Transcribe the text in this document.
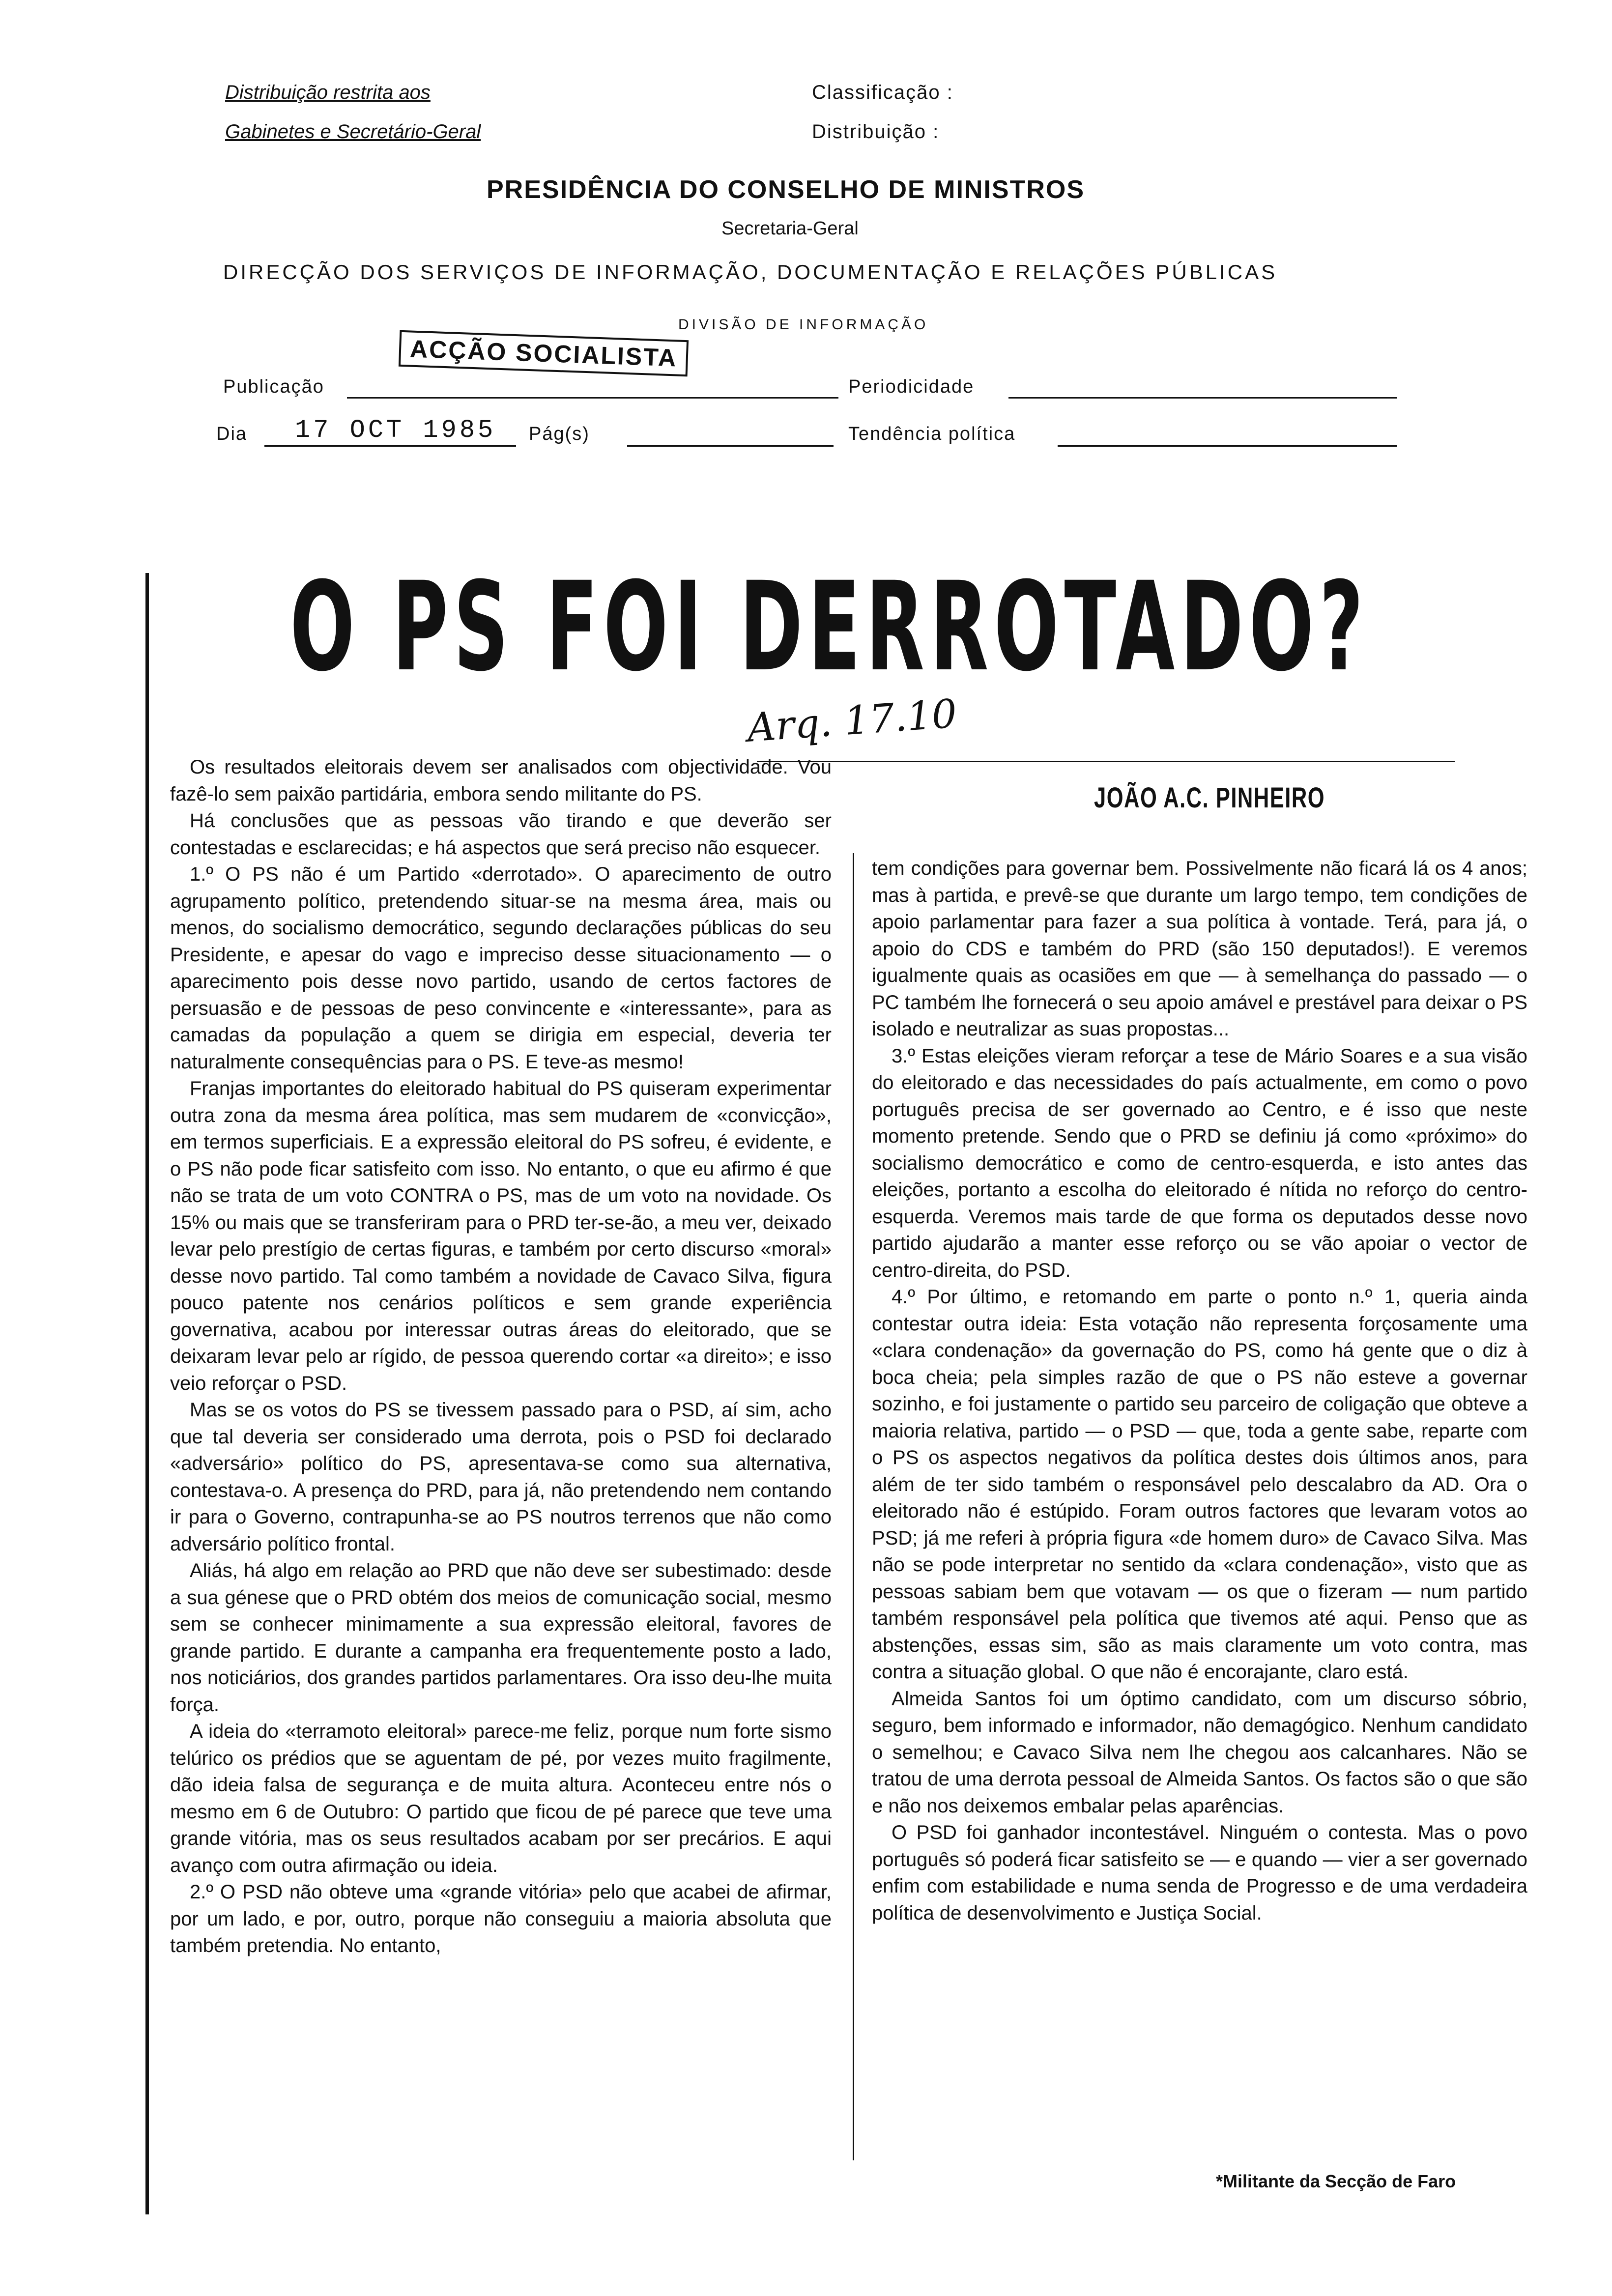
Distribuição restrita aos
Gabinetes e Secretário-Geral
Classificação :
Distribuição :
PRESIDÊNCIA DO CONSELHO DE MINISTROS
Secretaria-Geral
DIRECÇÃO DOS SERVIÇOS DE INFORMAÇÃO, DOCUMENTAÇÃO E RELAÇÕES PÚBLICAS
DIVISÃO DE INFORMAÇÃO
Publicação
ACÇÃO SOCIALISTA
Periodicidade
Dia 17 OCT 1985 Pág(s)	Tendência política
O PS FOI DERROTADO?
Arq. 17.10
JOÃO A.C. PINHEIRO

Os resultados eleitorais devem ser analisados com objectividade. Vou fazê-lo sem paixão partidária, embora sendo militante do PS.

Há conclusões que as pessoas vão tirando e que deverão ser contestadas e esclarecidas; e há aspectos que será preciso não esquecer.

1.º O PS não é um Partido «derrotado». O aparecimento de outro agrupamento político, pretendendo situar-se na mesma área, mais ou menos, do socialismo democrático, segundo declarações públicas do seu Presidente, e apesar do vago e impreciso desse situacionamento — o aparecimento pois desse novo partido, usando de certos factores de persuasão e de pessoas de peso convincente e «interessante», para as camadas da população a quem se dirigia em especial, deveria ter naturalmente consequências para o PS. E teve-as mesmo!

Franjas importantes do eleitorado habitual do PS quiseram experimentar outra zona da mesma área política, mas sem mudarem de «convicção», em termos superficiais. E a expressão eleitoral do PS sofreu, é evidente, e o PS não pode ficar satisfeito com isso. No entanto, o que eu afirmo é que não se trata de um voto CONTRA o PS, mas de um voto na novidade. Os 15% ou mais que se transferiram para o PRD ter-se-ão, a meu ver, deixado levar pelo prestígio de certas figuras, e também por certo discurso «moral» desse novo partido. Tal como também a novidade de Cavaco Silva, figura pouco patente nos cenários políticos e sem grande experiência governativa, acabou por interessar outras áreas do eleitorado, que se deixaram levar pelo ar rígido, de pessoa querendo cortar «a direito»; e isso veio reforçar o PSD.

Mas se os votos do PS se tivessem passado para o PSD, aí sim, acho que tal deveria ser considerado uma derrota, pois o PSD foi declarado «adversário» político do PS, apresentava-se como sua alternativa, contestava-o. A presença do PRD, para já, não pretendendo nem contando ir para o Governo, contrapunha-se ao PS noutros terrenos que não como adversário político frontal.

Aliás, há algo em relação ao PRD que não deve ser subestimado: desde a sua génese que o PRD obtém dos meios de comunicação social, mesmo sem se conhecer minimamente a sua expressão eleitoral, favores de grande partido. E durante a campanha era frequentemente posto a lado, nos noticiários, dos grandes partidos parlamentares. Ora isso deu-lhe muita força.

A ideia do «terramoto eleitoral» parece-me feliz, porque num forte sismo telúrico os prédios que se aguentam de pé, por vezes muito fragilmente, dão ideia falsa de segurança e de muita altura. Aconteceu entre nós o mesmo em 6 de Outubro: O partido que ficou de pé parece que teve uma grande vitória, mas os seus resultados acabam por ser precários. E aqui avanço com outra afirmação ou ideia.

2.º O PSD não obteve uma «grande vitória» pelo que acabei de afirmar, por um lado, e por, outro, porque não conseguiu a maioria absoluta que também pretendia. No entanto,

tem condições para governar bem. Possivelmente não ficará lá os 4 anos; mas à partida, e prevê-se que durante um largo tempo, tem condições de apoio parlamentar para fazer a sua política à vontade. Terá, para já, o apoio do CDS e também do PRD (são 150 deputados!). E veremos igualmente quais as ocasiões em que — à semelhança do passado — o PC também lhe fornecerá o seu apoio amável e prestável para deixar o PS isolado e neutralizar as suas propostas...

3.º Estas eleições vieram reforçar a tese de Mário Soares e a sua visão do eleitorado e das necessidades do país actualmente, em como o povo português precisa de ser governado ao Centro, e é isso que neste momento pretende. Sendo que o PRD se definiu já como «próximo» do socialismo democrático e como de centro-esquerda, e isto antes das eleições, portanto a escolha do eleitorado é nítida no reforço do centro-esquerda. Veremos mais tarde de que forma os deputados desse novo partido ajudarão a manter esse reforço ou se vão apoiar o vector de centro-direita, do PSD.

4.º Por último, e retomando em parte o ponto n.º 1, queria ainda contestar outra ideia: Esta votação não representa forçosamente uma «clara condenação» da governação do PS, como há gente que o diz à boca cheia; pela simples razão de que o PS não esteve a governar sozinho, e foi justamente o partido seu parceiro de coligação que obteve a maioria relativa, partido — o PSD — que, toda a gente sabe, reparte com o PS os aspectos negativos da política destes dois últimos anos, para além de ter sido também o responsável pelo descalabro da AD. Ora o eleitorado não é estúpido. Foram outros factores que levaram votos ao PSD; já me referi à própria figura «de homem duro» de Cavaco Silva. Mas não se pode interpretar no sentido da «clara condenação», visto que as pessoas sabiam bem que votavam — os que o fizeram — num partido também responsável pela política que tivemos até aqui. Penso que as abstenções, essas sim, são as mais claramente um voto contra, mas contra a situação global. O que não é encorajante, claro está.

Almeida Santos foi um óptimo candidato, com um discurso sóbrio, seguro, bem informado e informador, não demagógico. Nenhum candidato o semelhou; e Cavaco Silva nem lhe chegou aos calcanhares. Não se tratou de uma derrota pessoal de Almeida Santos. Os factos são o que são e não nos deixemos embalar pelas aparências.

O PSD foi ganhador incontestável. Ninguém o contesta. Mas o povo português só poderá ficar satisfeito se — e quando — vier a ser governado enfim com estabilidade e numa senda de Progresso e de uma verdadeira política de desenvolvimento e Justiça Social.

*Militante da Secção de Faro
